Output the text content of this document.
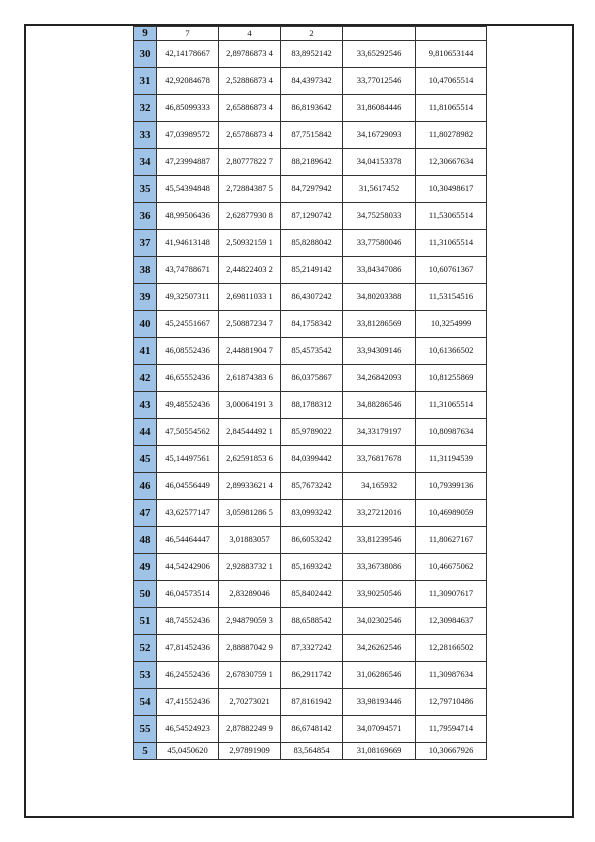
9	7	4	2		
30	42,14178667	2,89786873 4	83,8952142	33,65292546	9,810653144
31	42,92084678	2,52886873 4	84,4397342	33,77012546	10,47065514
32	46,85099333	2,65886873 4	86,8193642	31,86084446	11,81065514
33	47,03989572	2,65786873 4	87,7515842	34,16729093	11,80278982
34	47,23994887	2,80777822 7	88,2189642	34,04153378	12,30667634
35	45,54394848	2,72884387 5	84,7297942	31,5617452	10,30498617
36	48,99506436	2,62877930 8	87,1290742	34,75258033	11,53065514
37	41,94613148	2,50932159 1	85,8288042	33,77580046	11,31065514
38	43,74788671	2,44822403 2	85,2149142	33,84347086	10,60761367
39	49,32507311	2,69811033 1	86,4307242	34,80203388	11,53154516
40	45,24551667	2,50887234 7	84,1758342	33,81286569	10,3254999
41	46,08552436	2,44881904 7	85,4573542	33,94309146	10,61366502
42	46,65552436	2,61874383 6	86,0375867	34,26842093	10,81255869
43	49,48552436	3,00064191 3	88,1788312	34,88286546	11,31065514
44	47,50554562	2,84544492 1	85,9789022	34,33179197	10,80987634
45	45,14497561	2,62591853 6	84,0399442	33,76817678	11,31194539
46	46,04556449	2,89933621 4	85,7673242	34,165932	10,79399136
47	43,62577147	3,05981286 5	83,0993242	33,27212016	10,46989059
48	46,54464447	3,01883057	86,6053242	33,81239546	11,80627167
49	44,54242906	2,92883732 1	85,1693242	33,36738086	10,46675062
50	46,04573514	2,83289046	85,8402442	33,90250546	11,30907617
51	48,74552436	2,94879059 3	88,6588542	34,02302546	12,30984637
52	47,81452436	2,88887042 9	87,3327242	34,26262546	12,28166502
53	46,24552436	2,67830759 1	86,2911742	31,06286546	11,30987634
54	47,41552436	2,70273021	87,8161942	33,98193446	12,79710486
55	46,54524923	2,87882249 9	86,6748142	34,07094571	11,79594714
5	45,0450620	2,97891909	83,564854	31,08169669	10,30667926
